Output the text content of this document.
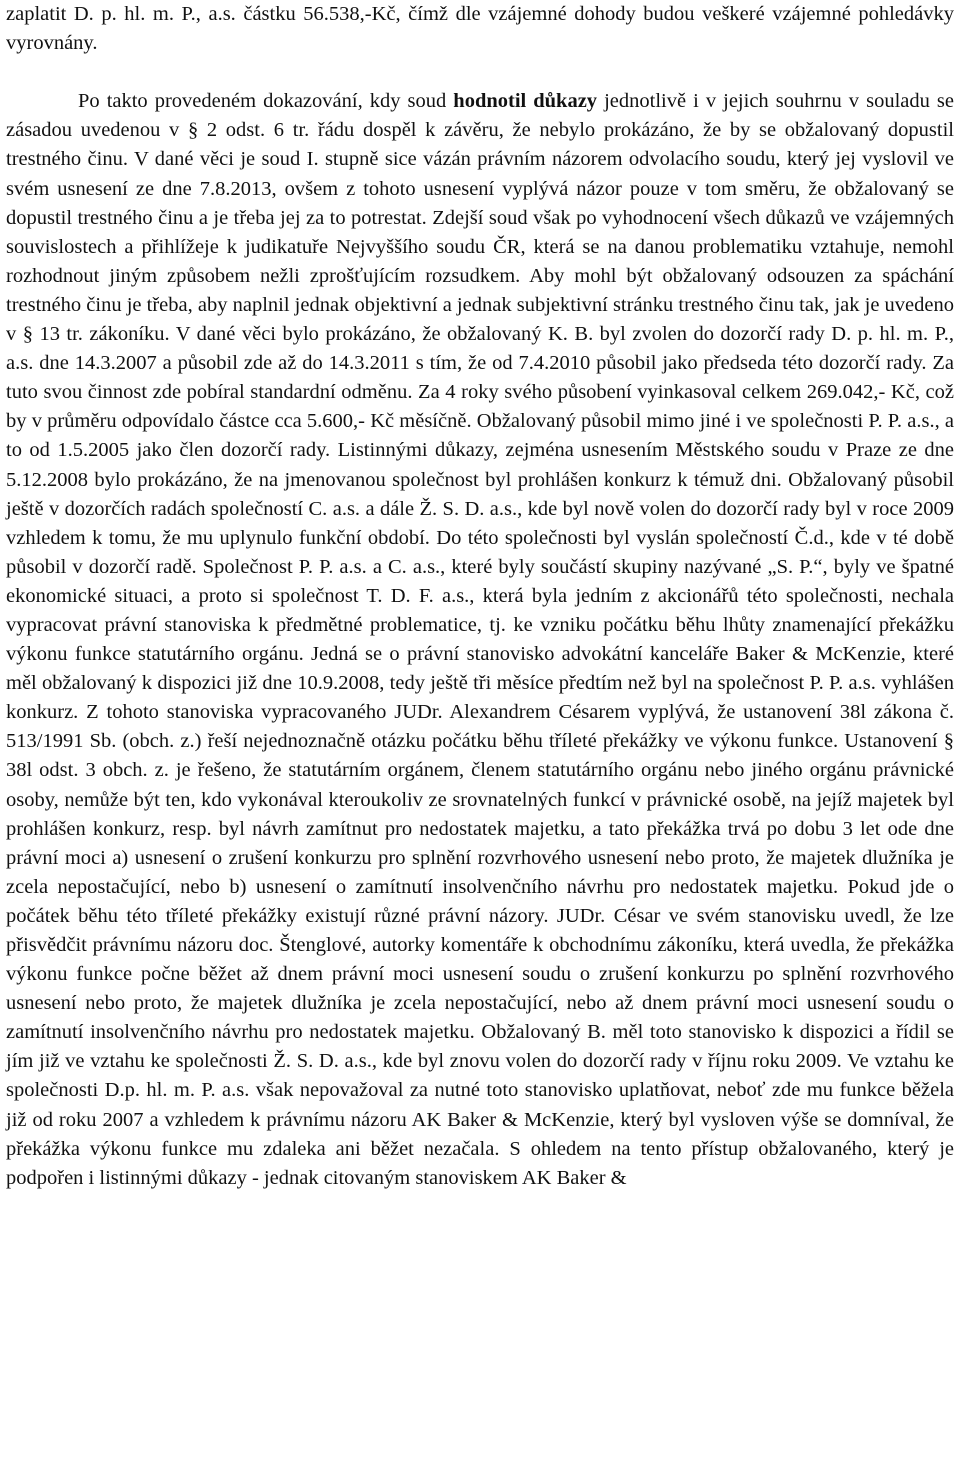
zaplatit D. p. hl. m. P., a.s. částku 56.538,-Kč, čímž dle vzájemné dohody budou veškeré vzájemné pohledávky vyrovnány.

Po takto provedeném dokazování, kdy soud hodnotil důkazy jednotlivě i v jejich souhrnu v souladu se zásadou uvedenou v § 2 odst. 6 tr. řádu dospěl k závěru, že nebylo prokázáno, že by se obžalovaný dopustil trestného činu. V dané věci je soud I. stupně sice vázán právním názorem odvolacího soudu, který jej vyslovil ve svém usnesení ze dne 7.8.2013, ovšem z tohoto usnesení vyplývá názor pouze v tom směru, že obžalovaný se dopustil trestného činu a je třeba jej za to potrestat. Zdejší soud však po vyhodnocení všech důkazů ve vzájemných souvislostech a přihlížeje k judikatuře Nejvyššího soudu ČR, která se na danou problematiku vztahuje, nemohl rozhodnout jiným způsobem nežli zprošťujícím rozsudkem. Aby mohl být obžalovaný odsouzen za spáchání trestného činu je třeba, aby naplnil jednak objektivní a jednak subjektivní stránku trestného činu tak, jak je uvedeno v § 13 tr. zákoníku. V dané věci bylo prokázáno, že obžalovaný K. B. byl zvolen do dozorčí rady D. p. hl. m. P., a.s. dne 14.3.2007 a působil zde až do 14.3.2011 s tím, že od 7.4.2010 působil jako předseda této dozorčí rady. Za tuto svou činnost zde pobíral standardní odměnu. Za 4 roky svého působení vyinkasoval celkem 269.042,- Kč, což by v průměru odpovídalo částce cca 5.600,- Kč měsíčně. Obžalovaný působil mimo jiné i ve společnosti P. P. a.s., a to od 1.5.2005 jako člen dozorčí rady. Listinnými důkazy, zejména usnesením Městského soudu v Praze ze dne 5.12.2008 bylo prokázáno, že na jmenovanou společnost byl prohlášen konkurz k témuž dni. Obžalovaný působil ještě v dozorčích radách společností C. a.s. a dále Ž. S. D. a.s., kde byl nově volen do dozorčí rady byl v roce 2009 vzhledem k tomu, že mu uplynulo funkční období. Do této společnosti byl vyslán společností Č.d., kde v té době působil v dozorčí radě. Společnost P. P. a.s. a C. a.s., které byly součástí skupiny nazývané „S. P.“, byly ve špatné ekonomické situaci, a proto si společnost T. D. F. a.s., která byla jedním z akcionářů této společnosti, nechala vypracovat právní stanoviska k předmětné problematice, tj. ke vzniku počátku běhu lhůty znamenající překážku výkonu funkce statutárního orgánu. Jedná se o právní stanovisko advokátní kanceláře Baker & McKenzie, které měl obžalovaný k dispozici již dne 10.9.2008, tedy ještě tři měsíce předtím než byl na společnost P. P. a.s. vyhlášen konkurz. Z tohoto stanoviska vypracovaného JUDr. Alexandrem Césarem vyplývá, že ustanovení 38l zákona č. 513/1991 Sb. (obch. z.) řeší nejednoznačně otázku počátku běhu tříleté překážky ve výkonu funkce. Ustanovení § 38l odst. 3 obch. z. je řešeno, že statutárním orgánem, členem statutárního orgánu nebo jiného orgánu právnické osoby, nemůže být ten, kdo vykonával kteroukoliv ze srovnatelných funkcí v právnické osobě, na jejíž majetek byl prohlášen konkurz, resp. byl návrh zamítnut pro nedostatek majetku, a tato překážka trvá po dobu 3 let ode dne právní moci a) usnesení o zrušení konkurzu pro splnění rozvrhového usnesení nebo proto, že majetek dlužníka je zcela nepostačující, nebo b) usnesení o zamítnutí insolvenčního návrhu pro nedostatek majetku. Pokud jde o počátek běhu této tříleté překážky existují různé právní názory. JUDr. César ve svém stanovisku uvedl, že lze přisvědčit právnímu názoru doc. Štenglové, autorky komentáře k obchodnímu zákoníku, která uvedla, že překážka výkonu funkce počne běžet až dnem právní moci usnesení soudu o zrušení konkurzu po splnění rozvrhového usnesení nebo proto, že majetek dlužníka je zcela nepostačující, nebo až dnem právní moci usnesení soudu o zamítnutí insolvenčního návrhu pro nedostatek majetku. Obžalovaný B. měl toto stanovisko k dispozici a řídil se jím již ve vztahu ke společnosti Ž. S. D. a.s., kde byl znovu volen do dozorčí rady v říjnu roku 2009. Ve vztahu ke společnosti D.p. hl. m. P. a.s. však nepovažoval za nutné toto stanovisko uplatňovat, neboť zde mu funkce běžela již od roku 2007 a vzhledem k právnímu názoru AK Baker & McKenzie, který byl vysloven výše se domníval, že překážka výkonu funkce mu zdaleka ani běžet nezačala. S ohledem na tento přístup obžalovaného, který je podpořen i listinnými důkazy - jednak citovaným stanoviskem AK Baker &
